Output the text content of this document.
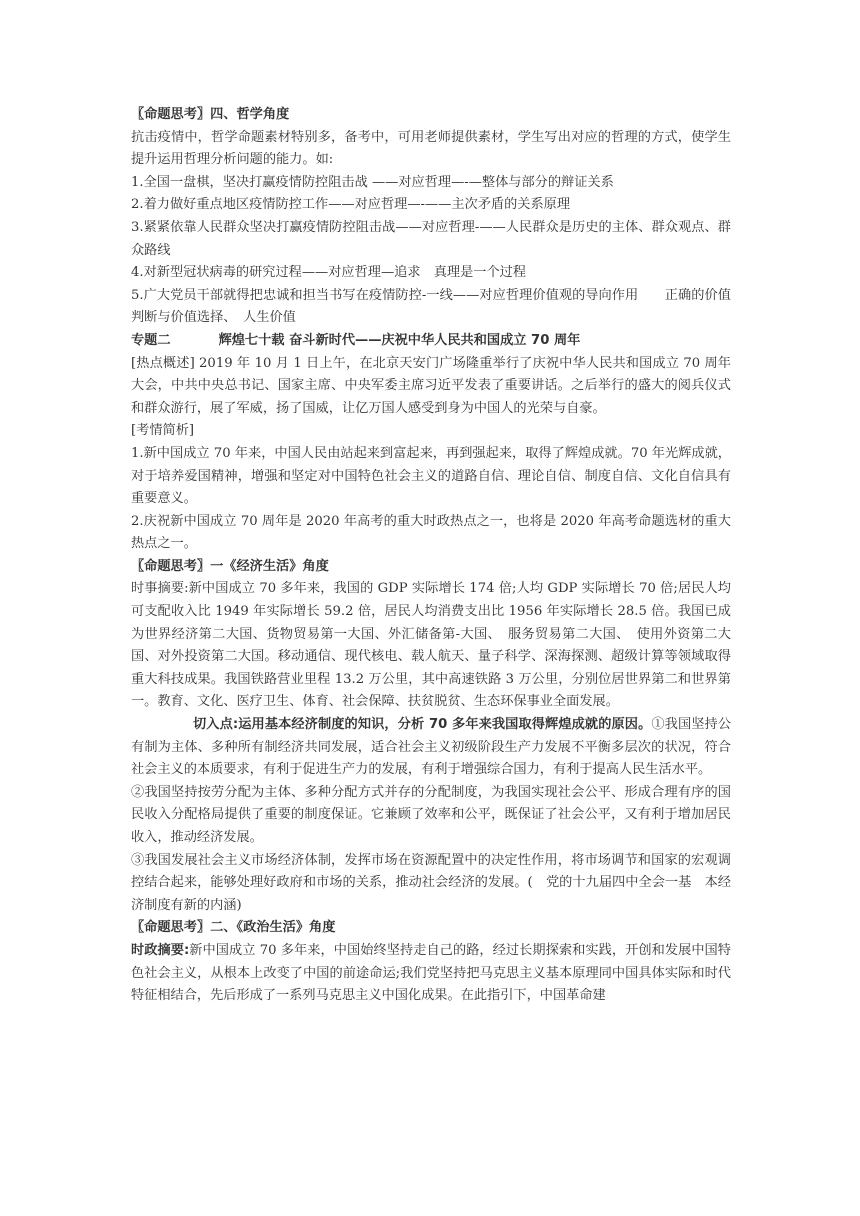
〖命题思考〗四、哲学角度

抗击疫情中，哲学命题素材特别多，备考中，可用老师提供素材，学生写出对应的哲理的方式，使学生提升运用哲理分析问题的能力。如:

1.全国一盘棋，坚决打赢疫情防控阻击战 ——对应哲理—-—整体与部分的辩证关系

2.着力做好重点地区疫情防控工作——对应哲理—-——主次矛盾的关系原理

3.紧紧依靠人民群众坚决打赢疫情防控阻击战——对应哲理-——人民群众是历史的主体、群众观点、群众路线

4.对新型冠状病毒的研究过程——对应哲理—追求　真理是一个过程

5.广大党员干部就得把忠诚和担当书写在疫情防控-一线——对应哲理价值观的导向作用　　正确的价值判断与价值选择、　人生价值

专题二	辉煌七十载 奋斗新时代——庆祝中华人民共和国成立 70 周年

[热点概述] 2019 年 10 月 1 日上午，在北京天安门广场隆重举行了庆祝中华人民共和国成立 70 周年大会，中共中央总书记、国家主席、中央军委主席习近平发表了重要讲话。之后举行的盛大的阅兵仪式和群众游行，展了军威，扬了国威，让亿万国人感受到身为中国人的光荣与自豪。

[考情简析]

1.新中国成立 70 年来，中国人民由站起来到富起来，再到强起来，取得了辉煌成就。70 年光辉成就，对于培养爱国精神，增强和坚定对中国特色社会主义的道路自信、理论自信、制度自信、文化自信具有重要意义。

2.庆祝新中国成立 70 周年是 2020 年高考的重大时政热点之一，也将是 2020 年高考命题选材的重大热点之一。

〖命题思考〗一《经济生活》角度

时事摘要:新中国成立 70 多年来，我国的 GDP 实际增长 174 倍;人均 GDP 实际增长 70 倍;居民人均可支配收入比 1949 年实际增长 59.2 倍，居民人均消费支出比 1956 年实际增长 28.5 倍。我国已成为世界经济第二大国、货物贸易第一大国、外汇储备第-大国、　服务贸易第二大国、　使用外资第二大国、对外投资第二大国。移动通信、现代核电、载人航天、量子科学、深海探测、超级计算等领域取得重大科技成果。我国铁路营业里程 13.2 万公里，其中高速铁路 3 万公里，分别位居世界第二和世界第一。教育、文化、医疗卫生、体育、社会保障、扶贫脱贫、生态环保事业全面发展。

切入点:运用基本经济制度的知识，分析 70 多年来我国取得辉煌成就的原因。①我国坚持公有制为主体、多种所有制经济共同发展，适合社会主义初级阶段生产力发展不平衡多层次的状况，符合社会主义的本质要求，有利于促进生产力的发展，有利于增强综合国力，有利于提高人民生活水平。

②我国坚持按劳分配为主体、多种分配方式并存的分配制度，为我国实现社会公平、形成合理有序的国民收入分配格局提供了重要的制度保证。它兼顾了效率和公平，既保证了社会公平，又有利于增加居民收入，推动经济发展。

③我国发展社会主义市场经济体制，发挥市场在资源配置中的决定性作用，将市场调节和国家的宏观调控结合起来，能够处理好政府和市场的关系，推动社会经济的发展。(　党的十九届四中全会一基　本经济制度有新的内涵)

〖命题思考〗二、《政治生活》角度

时政摘要:新中国成立 70 多年来，中国始终坚持走自己的路，经过长期探索和实践，开创和发展中国特色社会主义，从根本上改变了中国的前途命运;我们党坚持把马克思主义基本原理同中国具体实际和时代特征相结合，先后形成了一系列马克思主义中国化成果。在此指引下，中国革命建
